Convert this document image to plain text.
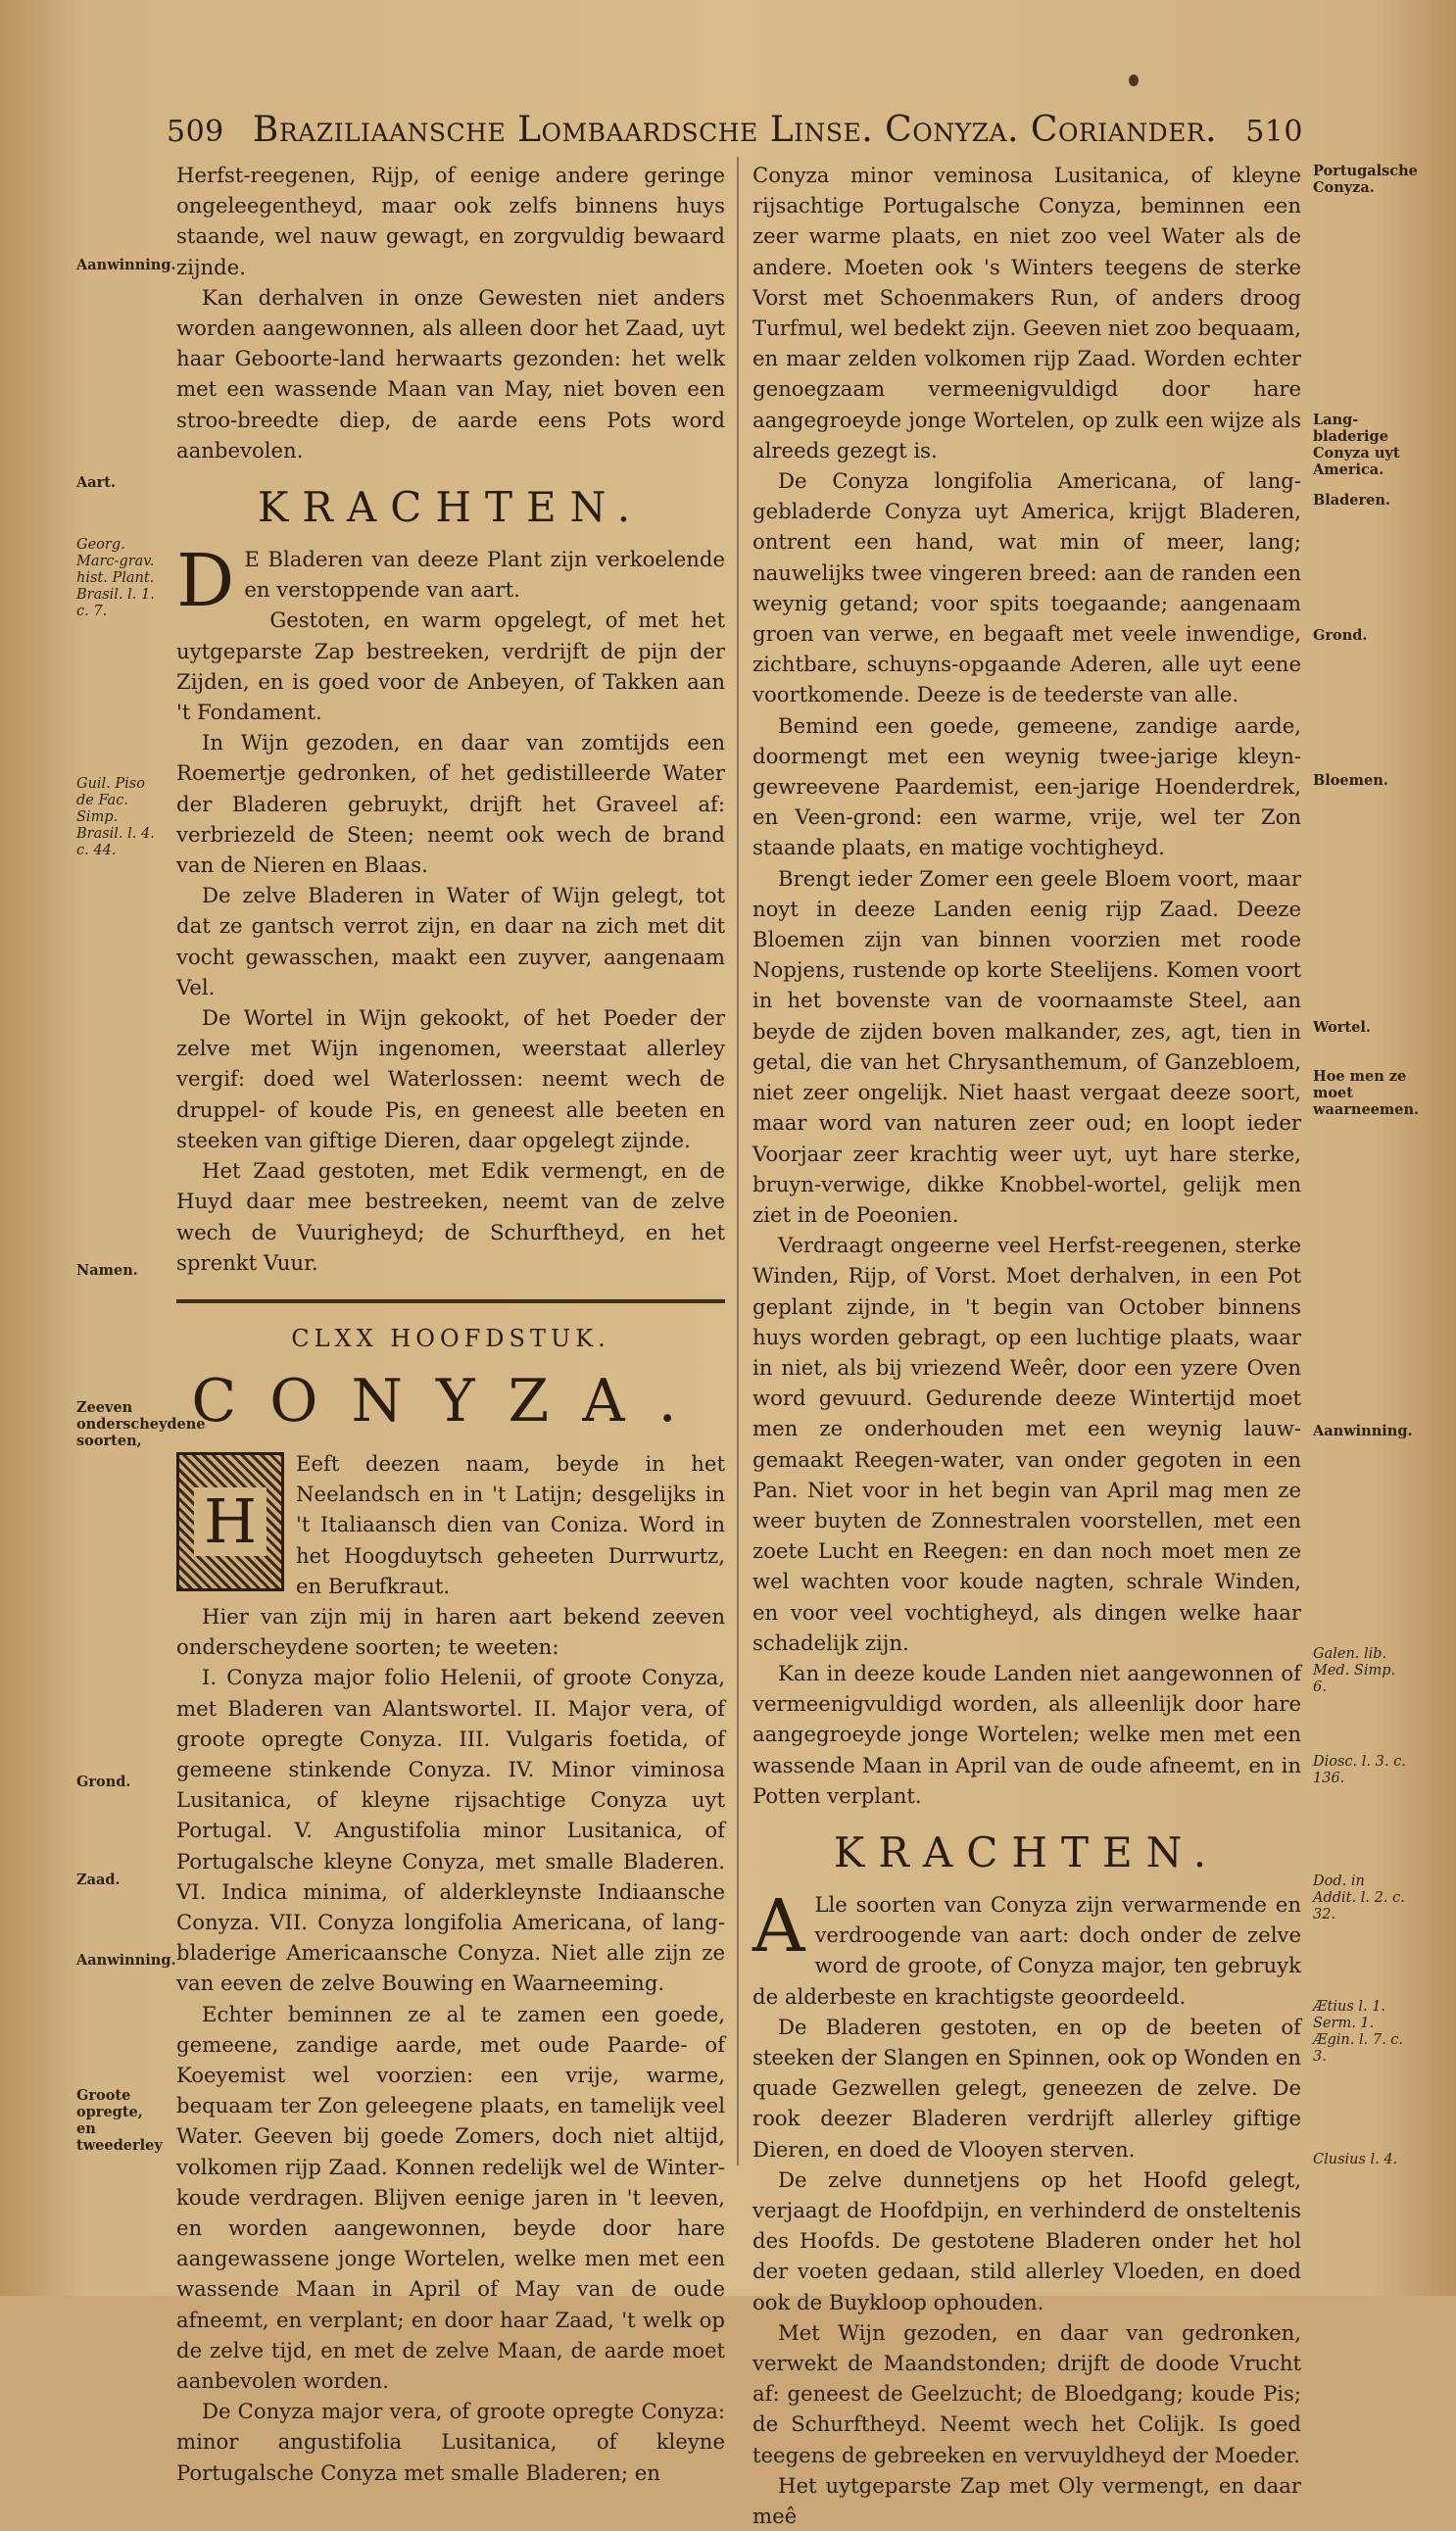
509 Braziliaansche Lombaardsche Linse. Conyza. Coriander. 510

Herfst-reegenen, Rijp, of eenige andere geringe ongeleegentheyd, maar ook zelfs binnens huys staande, wel nauw gewagt, en zorgvuldig bewaard zijnde.

Kan derhalven in onze Gewesten niet anders worden aangewonnen, als alleen door het Zaad, uyt haar Geboorte-land herwaarts gezonden: het welk met een wassende Maan van May, niet boven een stroo-breedte diep, de aarde eens Pots word aanbevolen.

KRACHTEN.

D E Bladeren van deeze Plant zijn verkoelende en verstoppende van aart.

Gestoten, en warm opgelegt, of met het uytgeparste Zap bestreeken, verdrijft de pijn der Zijden, en is goed voor de Anbeyen, of Takken aan 't Fondament.

In Wijn gezoden, en daar van zomtijds een Roemertje gedronken, of het gedistilleerde Water der Bladeren gebruykt, drijft het Graveel af: verbriezeld de Steen; neemt ook wech de brand van de Nieren en Blaas.

De zelve Bladeren in Water of Wijn gelegt, tot dat ze gantsch verrot zijn, en daar na zich met dit vocht gewasschen, maakt een zuyver, aangenaam Vel.

De Wortel in Wijn gekookt, of het Poeder der zelve met Wijn ingenomen, weerstaat allerley vergif: doed wel Waterlossen: neemt wech de druppel- of koude Pis, en geneest alle beeten en steeken van giftige Dieren, daar opgelegt zijnde.

Het Zaad gestoten, met Edik vermengt, en de Huyd daar mee bestreeken, neemt van de zelve wech de Vuurigheyd; de Schurftheyd, en het sprenkt Vuur.

CLXX HOOFDSTUK.
CONYZA.

H
Eeft deezen naam, beyde in het Neelandsch en in 't Latijn; desgelijks in 't Italiaansch dien van Coniza. Word in het Hoogduytsch geheeten Durrwurtz, en Berufkraut.

Hier van zijn mij in haren aart bekend zeeven onderscheydene soorten; te weeten:

I. Conyza major folio Helenii, of groote Conyza, met Bladeren van Alantswortel. II. Major vera, of groote opregte Conyza. III. Vulgaris foetida, of gemeene stinkende Conyza. IV. Minor viminosa Lusitanica, of kleyne rijsachtige Conyza uyt Portugal. V. Angustifolia minor Lusitanica, of Portugalsche kleyne Conyza, met smalle Bladeren. VI. Indica minima, of alderkleynste Indiaansche Conyza. VII. Conyza longifolia Americana, of lang-bladerige Americaansche Conyza. Niet alle zijn ze van eeven de zelve Bouwing en Waarneeming.

Echter beminnen ze al te zamen een goede, gemeene, zandige aarde, met oude Paarde- of Koeyemist wel voorzien: een vrije, warme, bequaam ter Zon geleegene plaats, en tamelijk veel Water. Geeven bij goede Zomers, doch niet altijd, volkomen rijp Zaad. Konnen redelijk wel de Winter-koude verdragen. Blijven eenige jaren in 't leeven, en worden aangewonnen, beyde door hare aangewassene jonge Wortelen, welke men met een wassende Maan in April of May van de oude afneemt, en verplant; en door haar Zaad, 't welk op de zelve tijd, en met de zelve Maan, de aarde moet aanbevolen worden.

De Conyza major vera, of groote opregte Conyza: minor angustifolia Lusitanica, of kleyne Portugalsche Conyza met smalle Bladeren; en

Conyza minor veminosa Lusitanica, of kleyne rijsachtige Portugalsche Conyza, beminnen een zeer warme plaats, en niet zoo veel Water als de andere. Moeten ook 's Winters teegens de sterke Vorst met Schoenmakers Run, of anders droog Turfmul, wel bedekt zijn. Geeven niet zoo bequaam, en maar zelden volkomen rijp Zaad. Worden echter genoegzaam vermeenigvuldigd door hare aangegroeyde jonge Wortelen, op zulk een wijze als alreeds gezegt is.

De Conyza longifolia Americana, of lang-gebladerde Conyza uyt America, krijgt Bladeren, ontrent een hand, wat min of meer, lang; nauwelijks twee vingeren breed: aan de randen een weynig getand; voor spits toegaande; aangenaam groen van verwe, en begaaft met veele inwendige, zichtbare, schuyns-opgaande Aderen, alle uyt eene voortkomende. Deeze is de teederste van alle.

Bemind een goede, gemeene, zandige aarde, doormengt met een weynig twee-jarige kleyn-gewreevene Paardemist, een-jarige Hoenderdrek, en Veen-grond: een warme, vrije, wel ter Zon staande plaats, en matige vochtigheyd.

Brengt ieder Zomer een geele Bloem voort, maar noyt in deeze Landen eenig rijp Zaad. Deeze Bloemen zijn van binnen voorzien met roode Nopjens, rustende op korte Steelijens. Komen voort in het bovenste van de voornaamste Steel, aan beyde de zijden boven malkander, zes, agt, tien in getal, die van het Chrysanthemum, of Ganzebloem, niet zeer ongelijk. Niet haast vergaat deeze soort, maar word van naturen zeer oud; en loopt ieder Voorjaar zeer krachtig weer uyt, uyt hare sterke, bruyn-verwige, dikke Knobbel-wortel, gelijk men ziet in de Poeonien.

Verdraagt ongeerne veel Herfst-reegenen, sterke Winden, Rijp, of Vorst. Moet derhalven, in een Pot geplant zijnde, in 't begin van October binnens huys worden gebragt, op een luchtige plaats, waar in niet, als bij vriezend Weêr, door een yzere Oven word gevuurd. Gedurende deeze Wintertijd moet men ze onderhouden met een weynig lauw-gemaakt Reegen-water, van onder gegoten in een Pan. Niet voor in het begin van April mag men ze weer buyten de Zonnestralen voorstellen, met een zoete Lucht en Reegen: en dan noch moet men ze wel wachten voor koude nagten, schrale Winden, en voor veel vochtigheyd, als dingen welke haar schadelijk zijn.

Kan in deeze koude Landen niet aangewonnen of vermeenigvuldigd worden, als alleenlijk door hare aangegroeyde jonge Wortelen; welke men met een wassende Maan in April van de oude afneemt, en in Potten verplant.

KRACHTEN.

A Lle soorten van Conyza zijn verwarmende en verdroogende van aart: doch onder de zelve word de groote, of Conyza major, ten gebruyk de alderbeste en krachtigste geoordeeld.

De Bladeren gestoten, en op de beeten of steeken der Slangen en Spinnen, ook op Wonden en quade Gezwellen gelegt, geneezen de zelve. De rook deezer Bladeren verdrijft allerley giftige Dieren, en doed de Vlooyen sterven.

De zelve dunnetjens op het Hoofd gelegt, verjaagt de Hoofdpijn, en verhinderd de onsteltenis des Hoofds. De gestotene Bladeren onder het hol der voeten gedaan, stild allerley Vloeden, en doed ook de Buykloop ophouden.

Met Wijn gezoden, en daar van gedronken, verwekt de Maandstonden; drijft de doode Vrucht af: geneest de Geelzucht; de Bloedgang; koude Pis; de Schurftheyd. Neemt wech het Colijk. Is goed teegens de gebreeken en vervuyldheyd der Moeder.

Het uytgeparste Zap met Oly vermengt, en daar meê

Aanwinning.
Aart.
Georg. Marc-grav. hist. Plant. Brasil. l. 1. c. 7.
Guil. Piso de Fac. Simp. Brasil. l. 4. c. 44.
Namen.
Zeeven onderscheydene soorten,
Grond.
Zaad.
Aanwinning.
Groote opregte, en tweederley
Portugalsche Conyza.
Lang-bladerige Conyza uyt America.
Bladeren.
Grond.
Bloemen.
Wortel.
Hoe men ze moet waarneemen.
Aanwinning.
Galen. lib. Med. Simp. 6.
Diosc. l. 3. c. 136.
Dod. in Addit. l. 2. c. 32.
Ætius l. 1. Serm. 1. Ægin. l. 7. c. 3.
Clusius l. 4.
